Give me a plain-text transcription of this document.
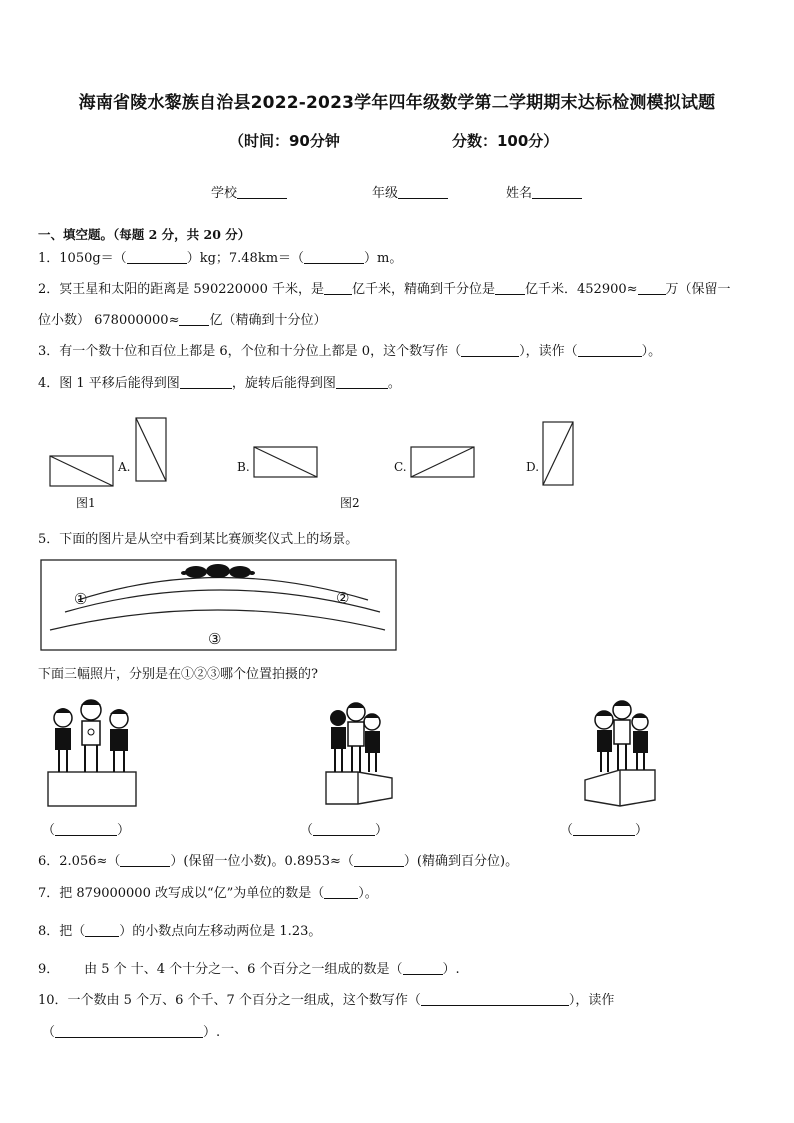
海南省陵水黎族自治县2022-2023学年四年级数学第二学期期末达标检测模拟试题
（时间：90分钟	分数：100分）
学校	年级	姓名
一、填空题。（每题 2 分，共 20 分）
1．1050g＝（	）kg；7.48km＝（	）m。
2．冥王星和太阳的距离是 590220000 千米，是 亿千米，精确到千分位是 亿千米．452900≈ 万（保留一
位小数） 678000000≈ 亿（精确到十分位）
3．有一个数十位和百位上都是 6，个位和十分位上都是 0，这个数写作（	），读作（	）。
4．图 1 平移后能得到图	，旋转后能得到图	。
A.	B.	C.	D.
图1	图2
5．下面的图片是从空中看到某比赛颁奖仪式上的场景。
①	②
③
下面三幅照片，分别是在①②③哪个位置拍摄的?
（	）	（	）	（	）
6．2.056≈（	）(保留一位小数)。0.8953≈（	）(精确到百分位)。
7．把 879000000 改写成以“亿”为单位的数是（	）。
8．把（	）的小数点向左移动两位是 1.23。
9．      由 5 个 十、4 个十分之一、6 个百分之一组成的数是（	）.
10．一个数由 5 个万、6 个千、7 个百分之一组成，这个数写作（	），读作
（	）.
